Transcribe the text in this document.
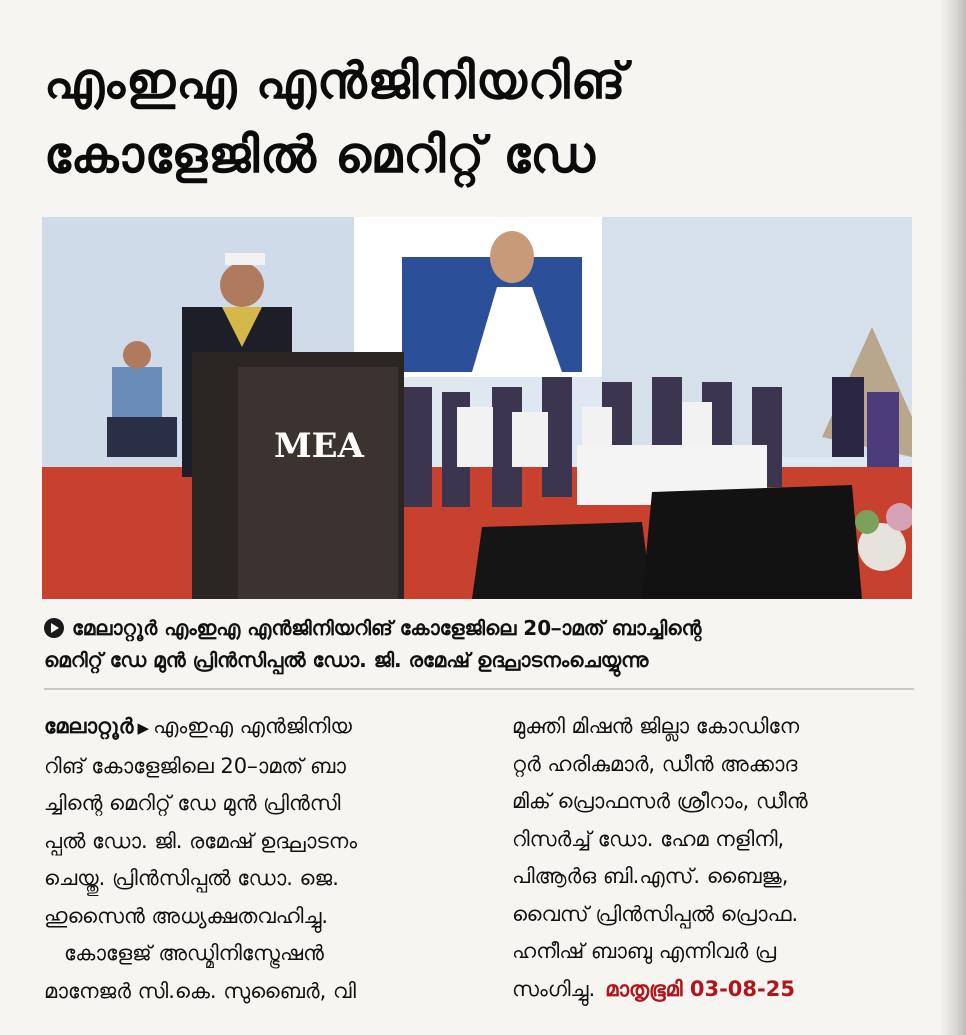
എംഇഎ എൻജിനിയറിങ്
കോളേജിൽ മെറിറ്റ് ഡേ
MEA
മേലാറ്റൂർ എംഇഎ എൻജിനിയറിങ് കോളേജിലെ 20–ാമത് ബാച്ചിന്റെ
മെറിറ്റ് ഡേ മുൻ പ്രിൻസിപ്പൽ ഡോ. ജി. രമേഷ് ഉദ്ഘാടനംചെയ്യുന്നു
മേലാറ്റൂർ ▶ എംഇഎ എൻജിനിയ
റിങ് കോളേജിലെ 20–ാമത് ബാ
ച്ചിന്റെ മെറിറ്റ് ഡേ മുൻ പ്രിൻസി
പ്പൽ ഡോ. ജി. രമേഷ് ഉദ്ഘാടനം
ചെയ്തു. പ്രിൻസിപ്പൽ ഡോ. ജെ.
ഹുസൈൻ അധ്യക്ഷതവഹിച്ചു.
കോളേജ് അഡ്മിനിസ്ട്രേഷൻ
മാനേജർ സി.കെ. സുബൈർ, വി
മുക്തി മിഷൻ ജില്ലാ കോഡിനേ
റ്റർ ഹരികുമാർ, ഡീൻ അക്കാദ
മിക് പ്രൊഫസർ ശ്രീറാം, ഡീൻ
റിസർച്ച് ഡോ. ഹേമ നളിനി,
പിആർഒ ബി.എസ്. ബൈജു,
വൈസ് പ്രിൻസിപ്പൽ പ്രൊഫ.
ഹനീഷ് ബാബു എന്നിവർ പ്ര
സംഗിച്ചു. മാതൃഭൂമി 03-08-25
